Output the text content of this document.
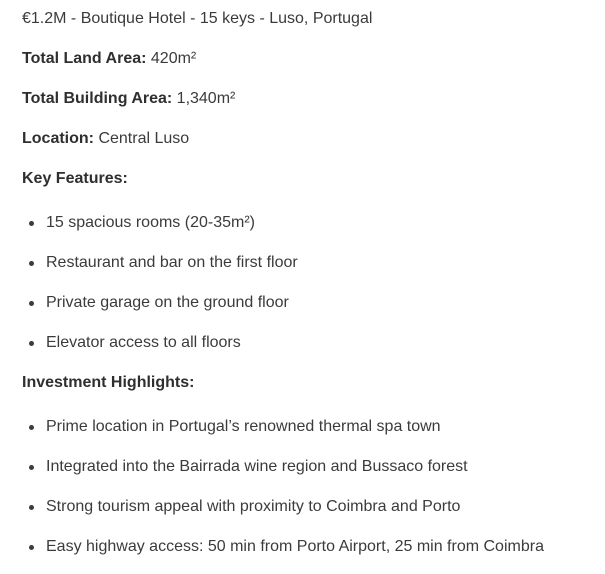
€1.2M - Boutique Hotel - 15 keys - Luso, Portugal
Total Land Area: 420m²
Total Building Area: 1,340m²
Location: Central Luso
Key Features:
15 spacious rooms (20-35m²)
Restaurant and bar on the first floor
Private garage on the ground floor
Elevator access to all floors
Investment Highlights:
Prime location in Portugal’s renowned thermal spa town
Integrated into the Bairrada wine region and Bussaco forest
Strong tourism appeal with proximity to Coimbra and Porto
Easy highway access: 50 min from Porto Airport, 25 min from Coimbra
